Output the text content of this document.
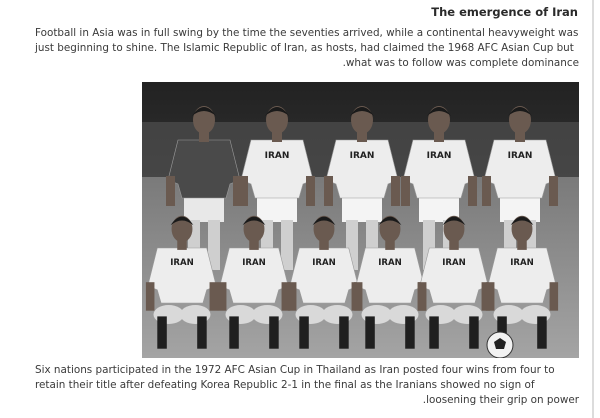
The emergence of Iran
Football in Asia was in full swing by the time the seventies arrived, while a continental heavyweight was
just beginning to shine. The Islamic Republic of Iran, as hosts, had claimed the 1968 AFC Asian Cup but
.what was to follow was complete dominance
IRAN	IRAN	IRAN	IRAN
IRAN	IRAN	IRAN	IRAN	IRAN	IRAN
Six nations participated in the 1972 AFC Asian Cup in Thailand as Iran posted four wins from four to
retain their title after defeating Korea Republic 2-1 in the final as the Iranians showed no sign of
.loosening their grip on power
